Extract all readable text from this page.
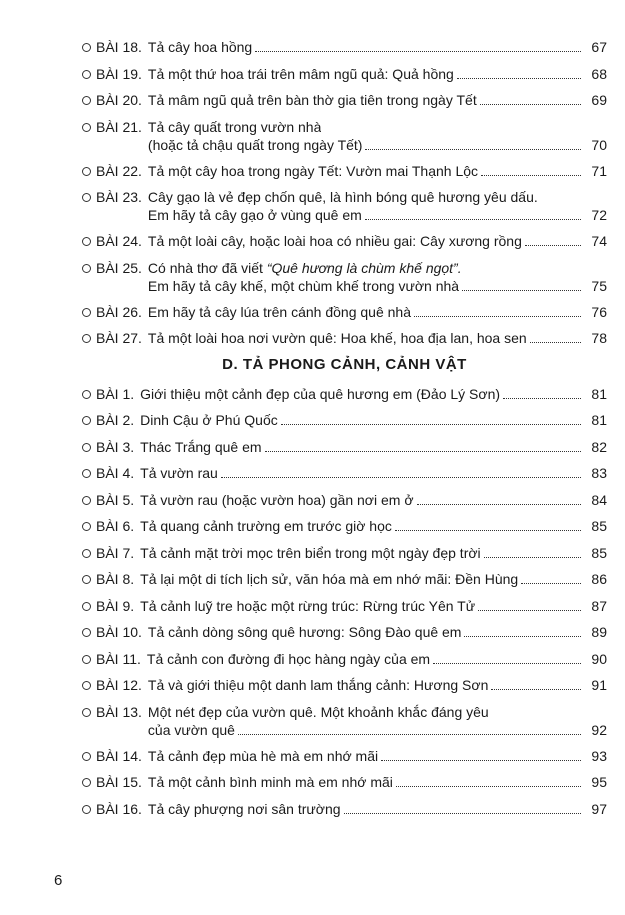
BÀI 18. Tả cây hoa hồng	67
BÀI 19. Tả một thứ hoa trái trên mâm ngũ quả: Quả hồng	68
BÀI 20. Tả mâm ngũ quả trên bàn thờ gia tiên trong ngày Tết	69
BÀI 21. Tả cây quất trong vườn nhà
(hoặc tả chậu quất trong ngày Tết)	70
BÀI 22. Tả một cây hoa trong ngày Tết: Vườn mai Thạnh Lộc	71
BÀI 23. Cây gạo là vẻ đẹp chốn quê, là hình bóng quê hương yêu dấu.
Em hãy tả cây gạo ở vùng quê em	72
BÀI 24. Tả một loài cây, hoặc loài hoa có nhiều gai: Cây xương rồng	74
BÀI 25. Có nhà thơ đã viết “Quê hương là chùm khế ngọt”.
Em hãy tả cây khế, một chùm khế trong vườn nhà	75
BÀI 26. Em hãy tả cây lúa trên cánh đồng quê nhà	76
BÀI 27. Tả một loài hoa nơi vườn quê: Hoa khế, hoa địa lan, hoa sen	78
D. TẢ PHONG CẢNH, CẢNH VẬT
BÀI 1. Giới thiệu một cảnh đẹp của quê hương em (Đảo Lý Sơn)	81
BÀI 2. Dinh Cậu ở Phú Quốc	81
BÀI 3. Thác Trắng quê em	82
BÀI 4. Tả vườn rau	83
BÀI 5. Tả vườn rau (hoặc vườn hoa) gần nơi em ở	84
BÀI 6. Tả quang cảnh trường em trước giờ học	85
BÀI 7. Tả cảnh mặt trời mọc trên biển trong một ngày đẹp trời	85
BÀI 8. Tả lại một di tích lịch sử, văn hóa mà em nhớ mãi: Đền Hùng	86
BÀI 9. Tả cảnh luỹ tre hoặc một rừng trúc: Rừng trúc Yên Tử	87
BÀI 10. Tả cảnh dòng sông quê hương: Sông Đào quê em	89
BÀI 11. Tả cảnh con đường đi học hàng ngày của em	90
BÀI 12. Tả và giới thiệu một danh lam thắng cảnh: Hương Sơn	91
BÀI 13. Một nét đẹp của vườn quê. Một khoảnh khắc đáng yêu
của vườn quê	92
BÀI 14. Tả cảnh đẹp mùa hè mà em nhớ mãi	93
BÀI 15. Tả một cảnh bình minh mà em nhớ mãi	95
BÀI 16. Tả cây phượng nơi sân trường	97
6
